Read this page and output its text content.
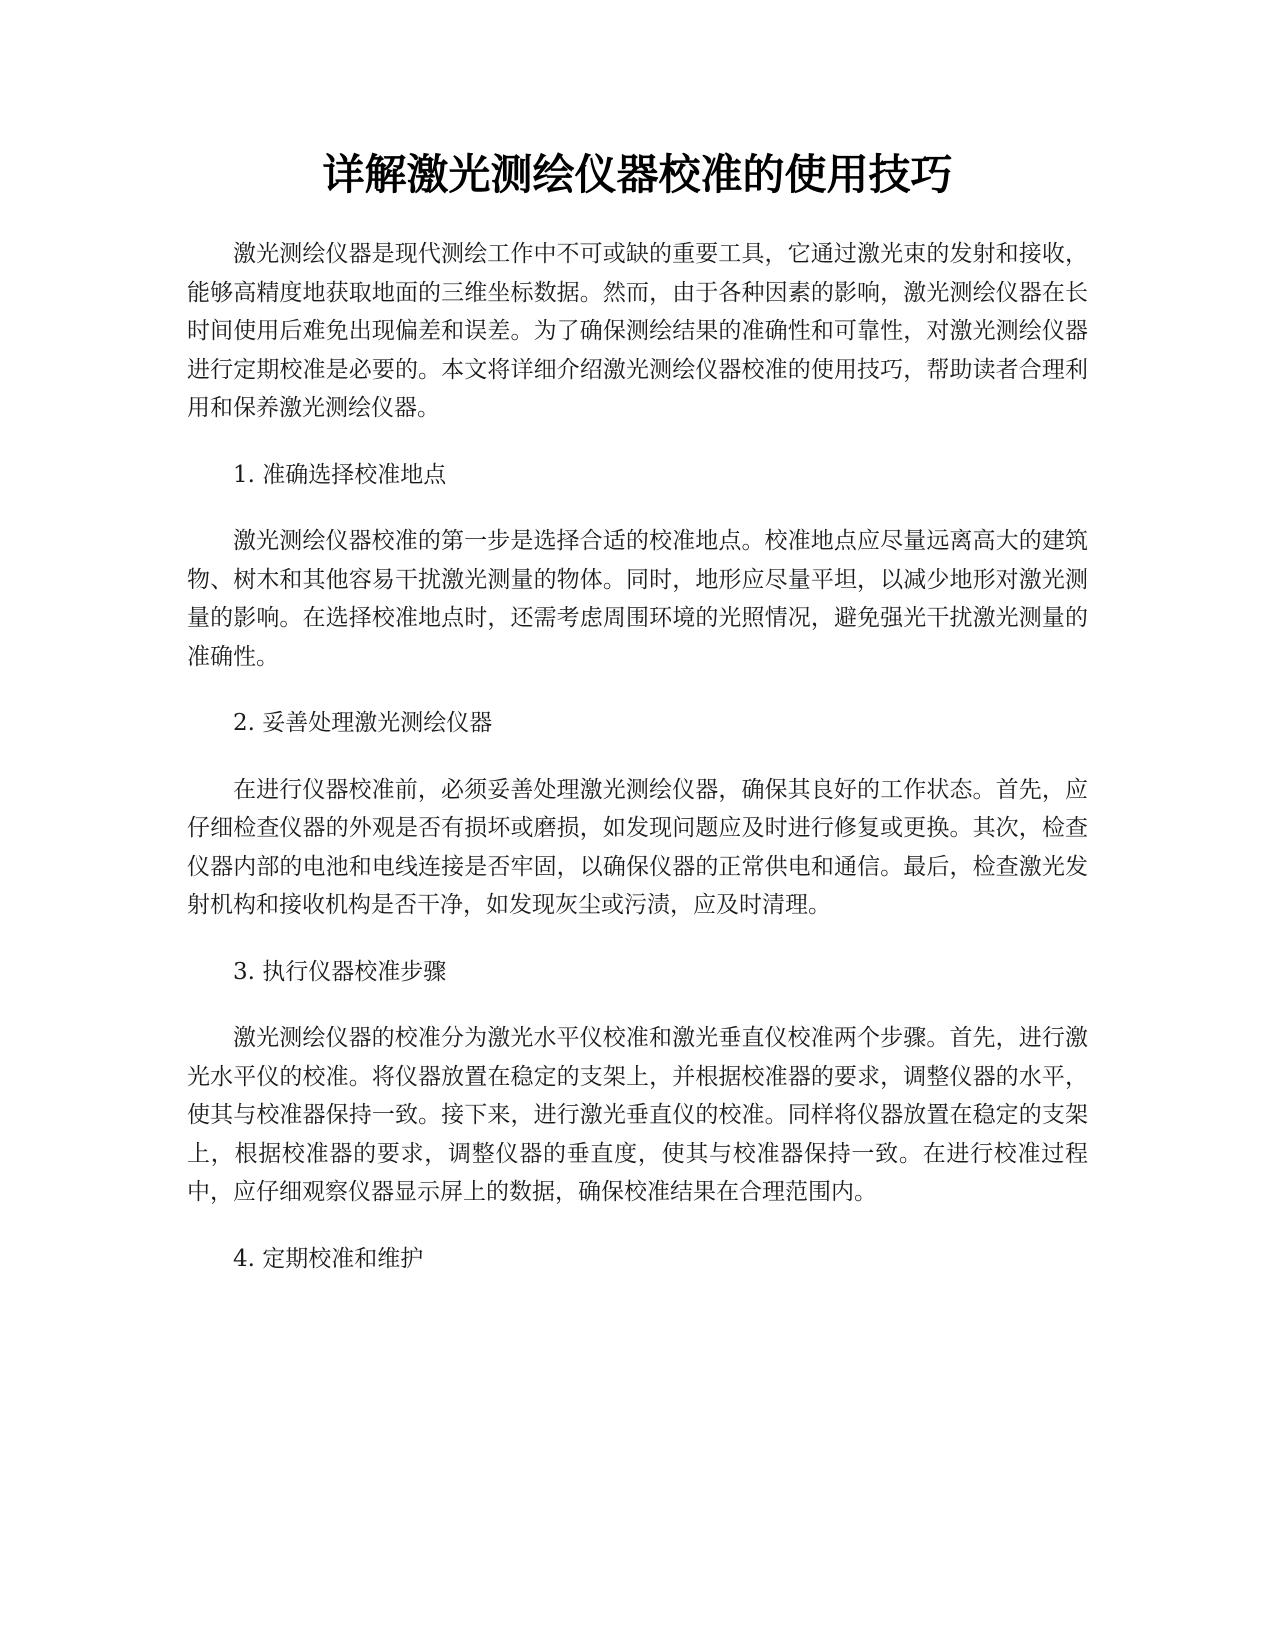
详解激光测绘仪器校准的使用技巧

激光测绘仪器是现代测绘工作中不可或缺的重要工具，它通过激光束的发射和接收，能够高精度地获取地面的三维坐标数据。然而，由于各种因素的影响，激光测绘仪器在长时间使用后难免出现偏差和误差。为了确保测绘结果的准确性和可靠性，对激光测绘仪器进行定期校准是必要的。本文将详细介绍激光测绘仪器校准的使用技巧，帮助读者合理利用和保养激光测绘仪器。

1. 准确选择校准地点

激光测绘仪器校准的第一步是选择合适的校准地点。校准地点应尽量远离高大的建筑物、树木和其他容易干扰激光测量的物体。同时，地形应尽量平坦，以减少地形对激光测量的影响。在选择校准地点时，还需考虑周围环境的光照情况，避免强光干扰激光测量的准确性。

2. 妥善处理激光测绘仪器

在进行仪器校准前，必须妥善处理激光测绘仪器，确保其良好的工作状态。首先，应仔细检查仪器的外观是否有损坏或磨损，如发现问题应及时进行修复或更换。其次，检查仪器内部的电池和电线连接是否牢固，以确保仪器的正常供电和通信。最后，检查激光发射机构和接收机构是否干净，如发现灰尘或污渍，应及时清理。

3. 执行仪器校准步骤

激光测绘仪器的校准分为激光水平仪校准和激光垂直仪校准两个步骤。首先，进行激光水平仪的校准。将仪器放置在稳定的支架上，并根据校准器的要求，调整仪器的水平，使其与校准器保持一致。接下来，进行激光垂直仪的校准。同样将仪器放置在稳定的支架上，根据校准器的要求，调整仪器的垂直度，使其与校准器保持一致。在进行校准过程中，应仔细观察仪器显示屏上的数据，确保校准结果在合理范围内。

4. 定期校准和维护
